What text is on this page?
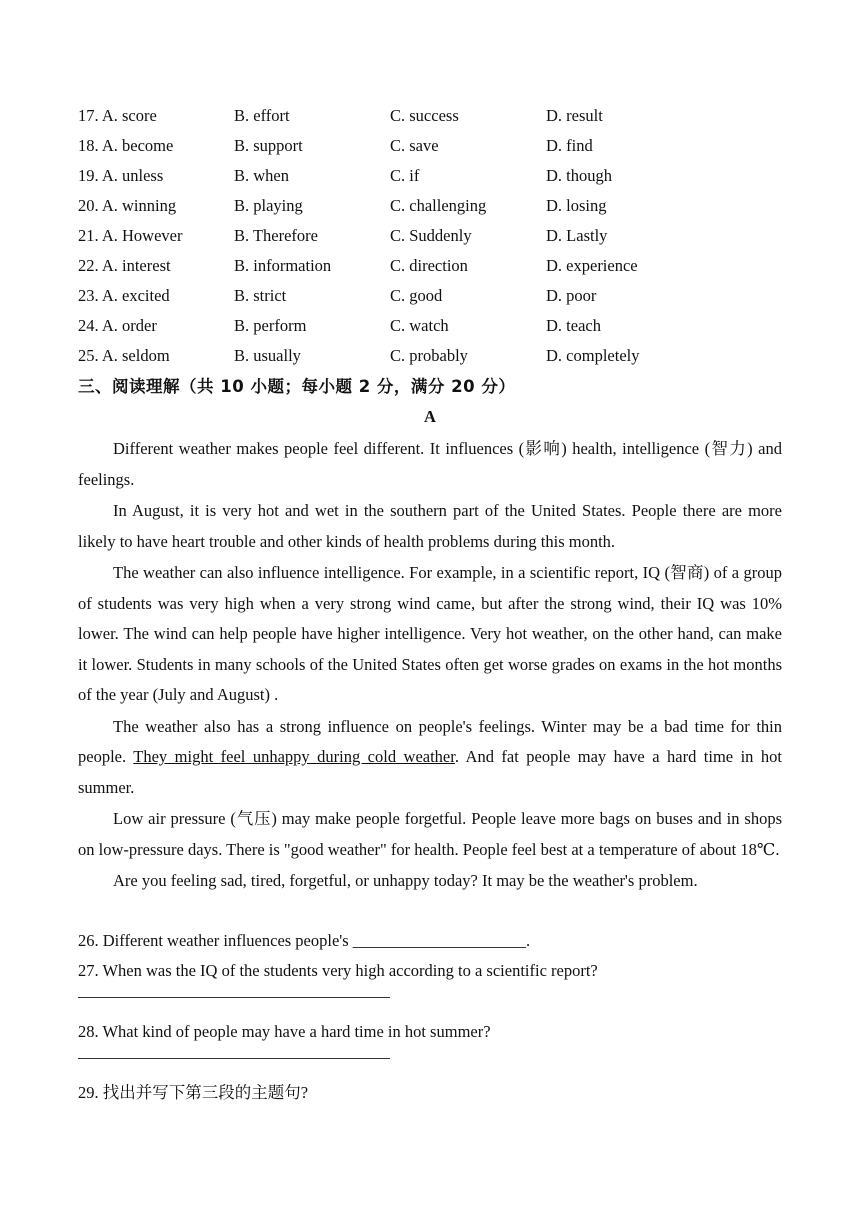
17. A. score	B. effort	C. success	D. result
18. A. become	B. support	C. save	D. find
19. A. unless	B. when	C. if	D. though
20. A. winning	B. playing	C. challenging	D. losing
21. A. However	B. Therefore	C. Suddenly	D. Lastly
22. A. interest	B. information	C. direction	D. experience
23. A. excited	B. strict	C. good	D. poor
24. A. order	B. perform	C. watch	D. teach
25. A. seldom	B. usually	C. probably	D. completely
三、阅读理解（共 10 小题；每小题 2 分，满分 20 分）
A

Different weather makes people feel different. It influences (影响) health, intelligence (智力) and feelings.

In August, it is very hot and wet in the southern part of the United States. People there are more likely to have heart trouble and other kinds of health problems during this month.

The weather can also influence intelligence. For example, in a scientific report, IQ (智商) of a group of students was very high when a very strong wind came, but after the strong wind, their IQ was 10% lower. The wind can help people have higher intelligence. Very hot weather, on the other hand, can make it lower. Students in many schools of the United States often get worse grades on exams in the hot months of the year (July and August) .

The weather also has a strong influence on people's feelings. Winter may be a bad time for thin people. They might feel unhappy during cold weather. And fat people may have a hard time in hot summer.

Low air pressure (气压) may make people forgetful. People leave more bags on buses and in shops on low-pressure days. There is "good weather" for health. People feel best at a temperature of about 18℃.

Are you feeling sad, tired, forgetful, or unhappy today? It may be the weather's problem.

26. Different weather influences people's _____________________.
27. When was the IQ of the students very high according to a scientific report?
28. What kind of people may have a hard time in hot summer?
29. 找出并写下第三段的主题句?
